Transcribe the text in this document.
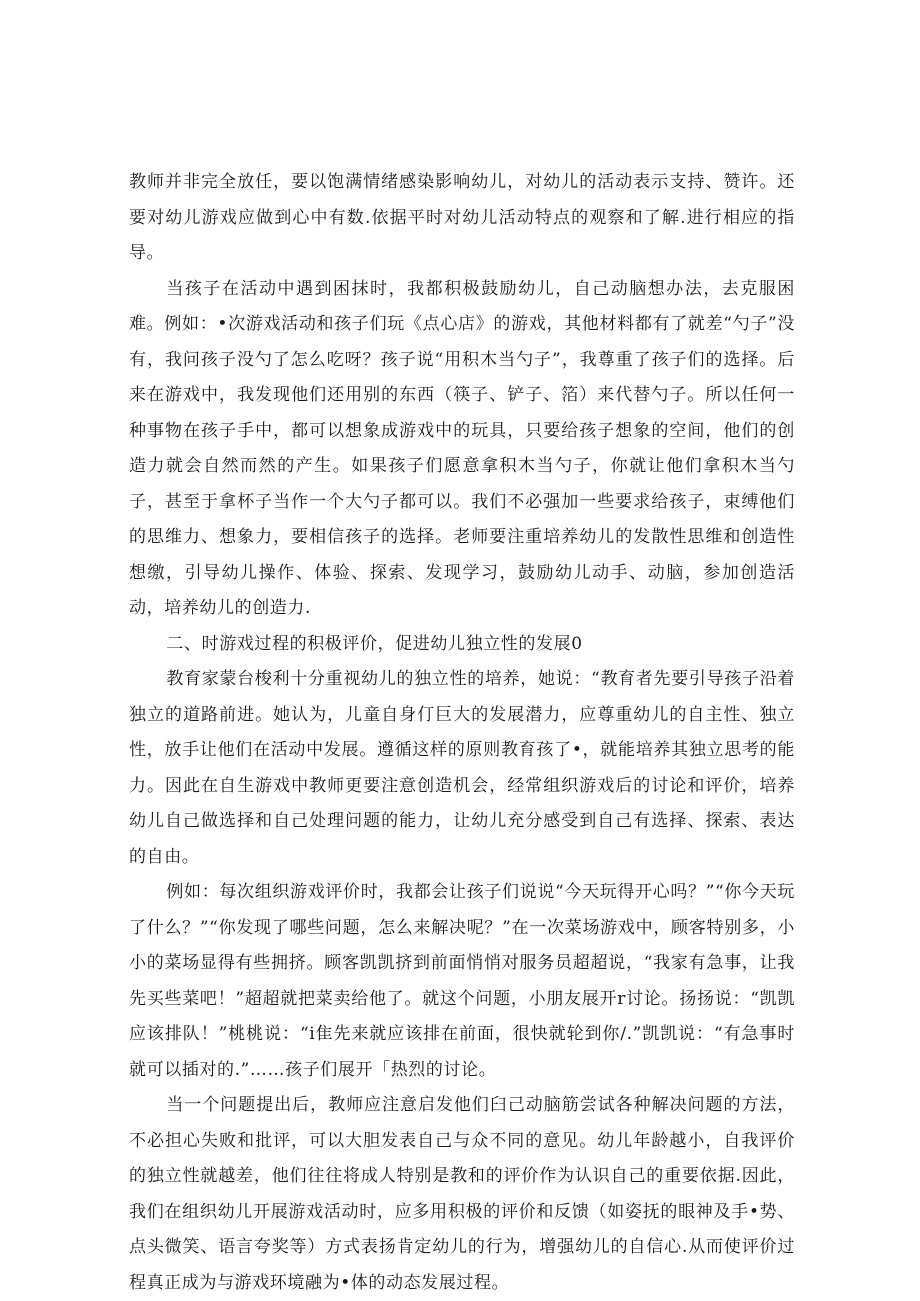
教师并非完全放任，要以饱满情绪感染影响幼儿，对幼儿的活动表示支持、赞许。还要对幼儿游戏应做到心中有数.依据平时对幼儿活动特点的观察和了解.进行相应的指导。

当孩子在活动中遇到困抹时，我都积极鼓励幼儿，自己动脑想办法，去克服困难。例如：•次游戏活动和孩子们玩《点心店》的游戏，其他材料都有了就差“勺子”没有，我问孩子没勺了怎么吃呀？孩子说“用积木当勺子”，我尊重了孩子们的选择。后来在游戏中，我发现他们还用别的东西（筷子、铲子、箔）来代替勺子。所以任何一种事物在孩子手中，都可以想象成游戏中的玩具，只要给孩子想象的空间，他们的创造力就会自然而然的产生。如果孩子们愿意拿积木当勺子，你就让他们拿积木当勺子，甚至于拿杯子当作一个大勺子都可以。我们不必强加一些要求给孩子，束缚他们的思维力、想象力，要相信孩子的选择。老师要注重培养幼儿的发散性思维和创造性想缴，引导幼儿操作、体验、探索、发现学习，鼓励幼儿动手、动脑，参加创造活动，培养幼儿的创造力.

二、时游戏过程的积极评价，促进幼儿独立性的发展0

教育家蒙台梭利十分重视幼儿的独立性的培养，她说：“教育者先要引导孩子沿着独立的道路前进。她认为，儿童自身仃巨大的发展潜力，应尊重幼儿的自主性、独立性，放手让他们在活动中发展。遵循这样的原则教育孩了•，就能培养其独立思考的能力。因此在自生游戏中教师更要注意创造机会，经常组织游戏后的讨论和评价，培养幼儿自己做选择和自己处理问题的能力，让幼儿充分感受到自己有选择、探索、表达的自由。

例如：每次组织游戏评价时，我都会让孩子们说说“今天玩得开心吗？”“你今天玩了什么？”“你发现了哪些问题，怎么来解决呢？”在一次菜场游戏中，顾客特别多，小小的菜场显得有些拥挤。顾客凯凯挤到前面悄悄对服务员超超说，“我家有急事，让我先买些菜吧！”超超就把菜卖给他了。就这个问题，小朋友展开r讨论。扬扬说：“凯凯应该排队！”桃桃说：“i隹先来就应该排在前面，很快就轮到你/.”凯凯说：“有急事时就可以插对的.”……孩子们展开「热烈的讨论。

当一个问题提出后，教师应注意启发他们臼己动脑筋尝试各种解决问题的方法，不必担心失败和批评，可以大胆发表自己与众不同的意见。幼儿年龄越小，自我评价的独立性就越差，他们往往将成人特别是教和的评价作为认识自己的重要依据.因此，我们在组织幼儿开展游戏活动时，应多用积极的评价和反馈（如姿抚的眼神及手•势、点头微笑、语言夸奖等）方式表扬肯定幼儿的行为，增强幼儿的自信心.从而使评价过程真正成为与游戏环境融为•体的动态发展过程。
